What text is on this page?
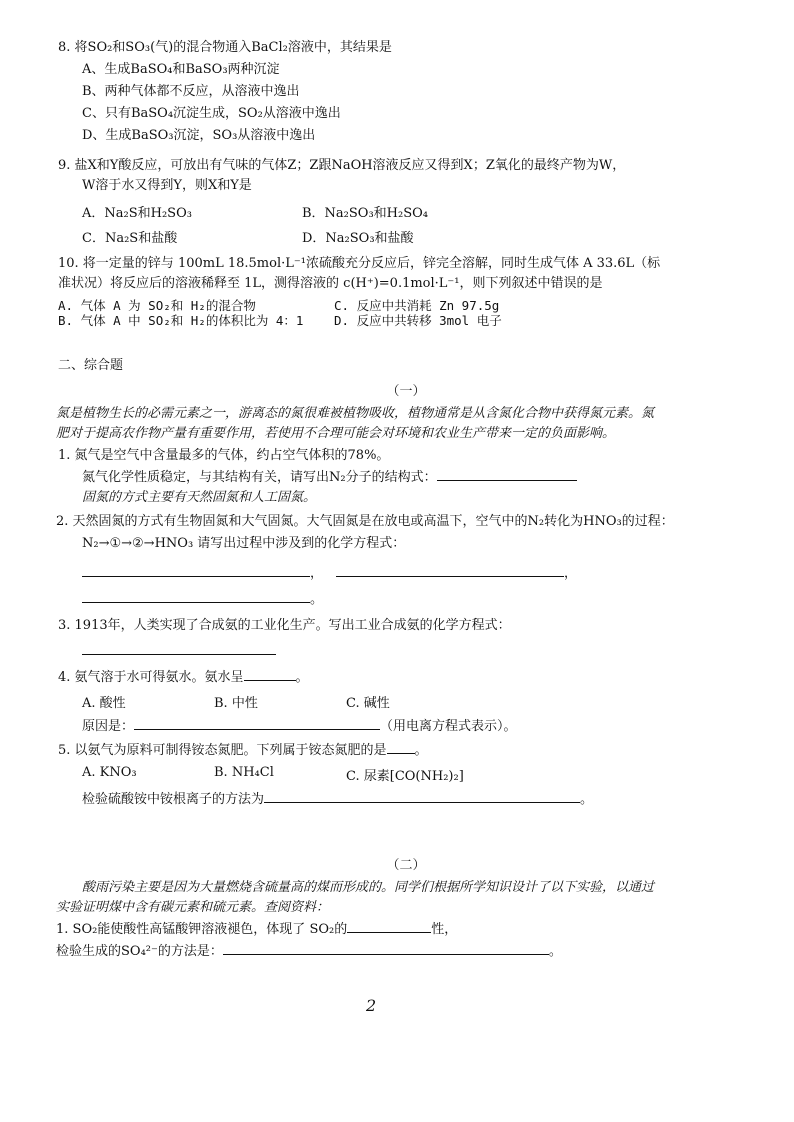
8. 将SO₂和SO₃(气)的混合物通入BaCl₂溶液中，其结果是
A、生成BaSO₄和BaSO₃两种沉淀
B、两种气体都不反应，从溶液中逸出
C、只有BaSO₄沉淀生成，SO₂从溶液中逸出
D、生成BaSO₃沉淀，SO₃从溶液中逸出
9. 盐X和Y酸反应，可放出有气味的气体Z；Z跟NaOH溶液反应又得到X；Z氧化的最终产物为W，
W溶于水又得到Y，则X和Y是
A．Na₂S和H₂SO₃	B．Na₂SO₃和H₂SO₄
C．Na₂S和盐酸	D．Na₂SO₃和盐酸
10. 将一定量的锌与 100mL 18.5mol·L⁻¹浓硫酸充分反应后，锌完全溶解，同时生成气体 A 33.6L（标
准状况）将反应后的溶液稀释至 1L，测得溶液的 c(H⁺)=0.1mol·L⁻¹，则下列叙述中错误的是
A. 气体 A 为 SO₂和 H₂的混合物	C. 反应中共消耗 Zn 97.5g
B. 气体 A 中 SO₂和 H₂的体积比为 4：1	D. 反应中共转移 3mol 电子
二、综合题
（一）
氮是植物生长的必需元素之一，游离态的氮很难被植物吸收，植物通常是从含氮化合物中获得氮元素。氮
肥对于提高农作物产量有重要作用，若使用不合理可能会对环境和农业生产带来一定的负面影响。
1. 氮气是空气中含量最多的气体，约占空气体积的78%。
氮气化学性质稳定，与其结构有关，请写出N₂分子的结构式：
固氮的方式主要有天然固氮和人工固氮。
2. 天然固氮的方式有生物固氮和大气固氮。大气固氮是在放电或高温下，空气中的N₂转化为HNO₃的过程：
N₂→①→②→HNO₃ 请写出过程中涉及到的化学方程式：
，	，
。
3. 1913年，人类实现了合成氨的工业化生产。写出工业合成氨的化学方程式：
4. 氨气溶于水可得氨水。氨水呈	。
A. 酸性	B. 中性	C. 碱性
原因是：	（用电离方程式表示）。
5. 以氨气为原料可制得铵态氮肥。下列属于铵态氮肥的是 。
A. KNO₃	B. NH₄Cl	C. 尿素[CO(NH₂)₂]
检验硫酸铵中铵根离子的方法为	。
（二）
酸雨污染主要是因为大量燃烧含硫量高的煤而形成的。同学们根据所学知识设计了以下实验，以通过
实验证明煤中含有碳元素和硫元素。查阅资料：
1. SO₂能使酸性高锰酸钾溶液褪色，体现了 SO₂的	性，
检验生成的SO₄²⁻的方法是：	。
2
